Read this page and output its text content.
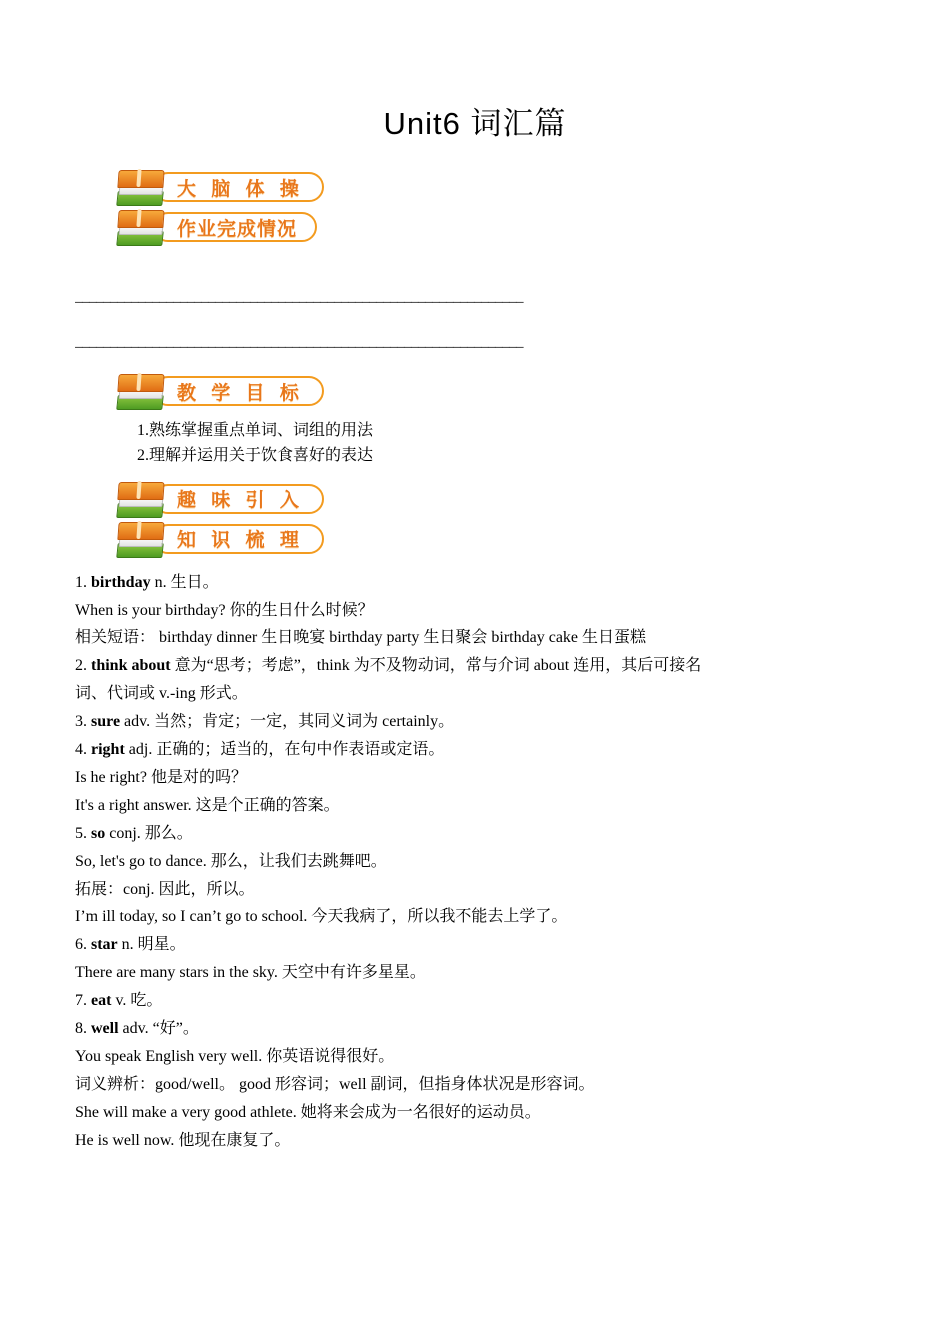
Unit6 词汇篇
大 脑 体 操
作业完成情况
________________________________________________________________
________________________________________________________________
教 学 目 标
1.熟练掌握重点单词、词组的用法
2.理解并运用关于饮食喜好的表达
趣 味 引 入
知 识 梳 理

1. birthday n. 生日。

When is your birthday? 你的生日什么时候？

相关短语： birthday dinner 生日晚宴 birthday party 生日聚会 birthday cake 生日蛋糕

2. think about 意为“思考；考虑”，think 为不及物动词，常与介词 about 连用，其后可接名

词、代词或 v.-ing 形式。

3. sure adv. 当然；肯定；一定，其同义词为 certainly。

4. right adj. 正确的；适当的，在句中作表语或定语。

Is he right? 他是对的吗？

It's a right answer. 这是个正确的答案。

5. so conj. 那么。

So, let's go to dance. 那么，让我们去跳舞吧。

拓展：conj. 因此，所以。

I’m ill today, so I can’t go to school. 今天我病了，所以我不能去上学了。

6. star n. 明星。

There are many stars in the sky. 天空中有许多星星。

7. eat v. 吃。

8. well adv. “好”。

You speak English very well. 你英语说得很好。

词义辨析：good/well。 good 形容词；well 副词，但指身体状况是形容词。

She will make a very good athlete. 她将来会成为一名很好的运动员。

He is well now. 他现在康复了。
